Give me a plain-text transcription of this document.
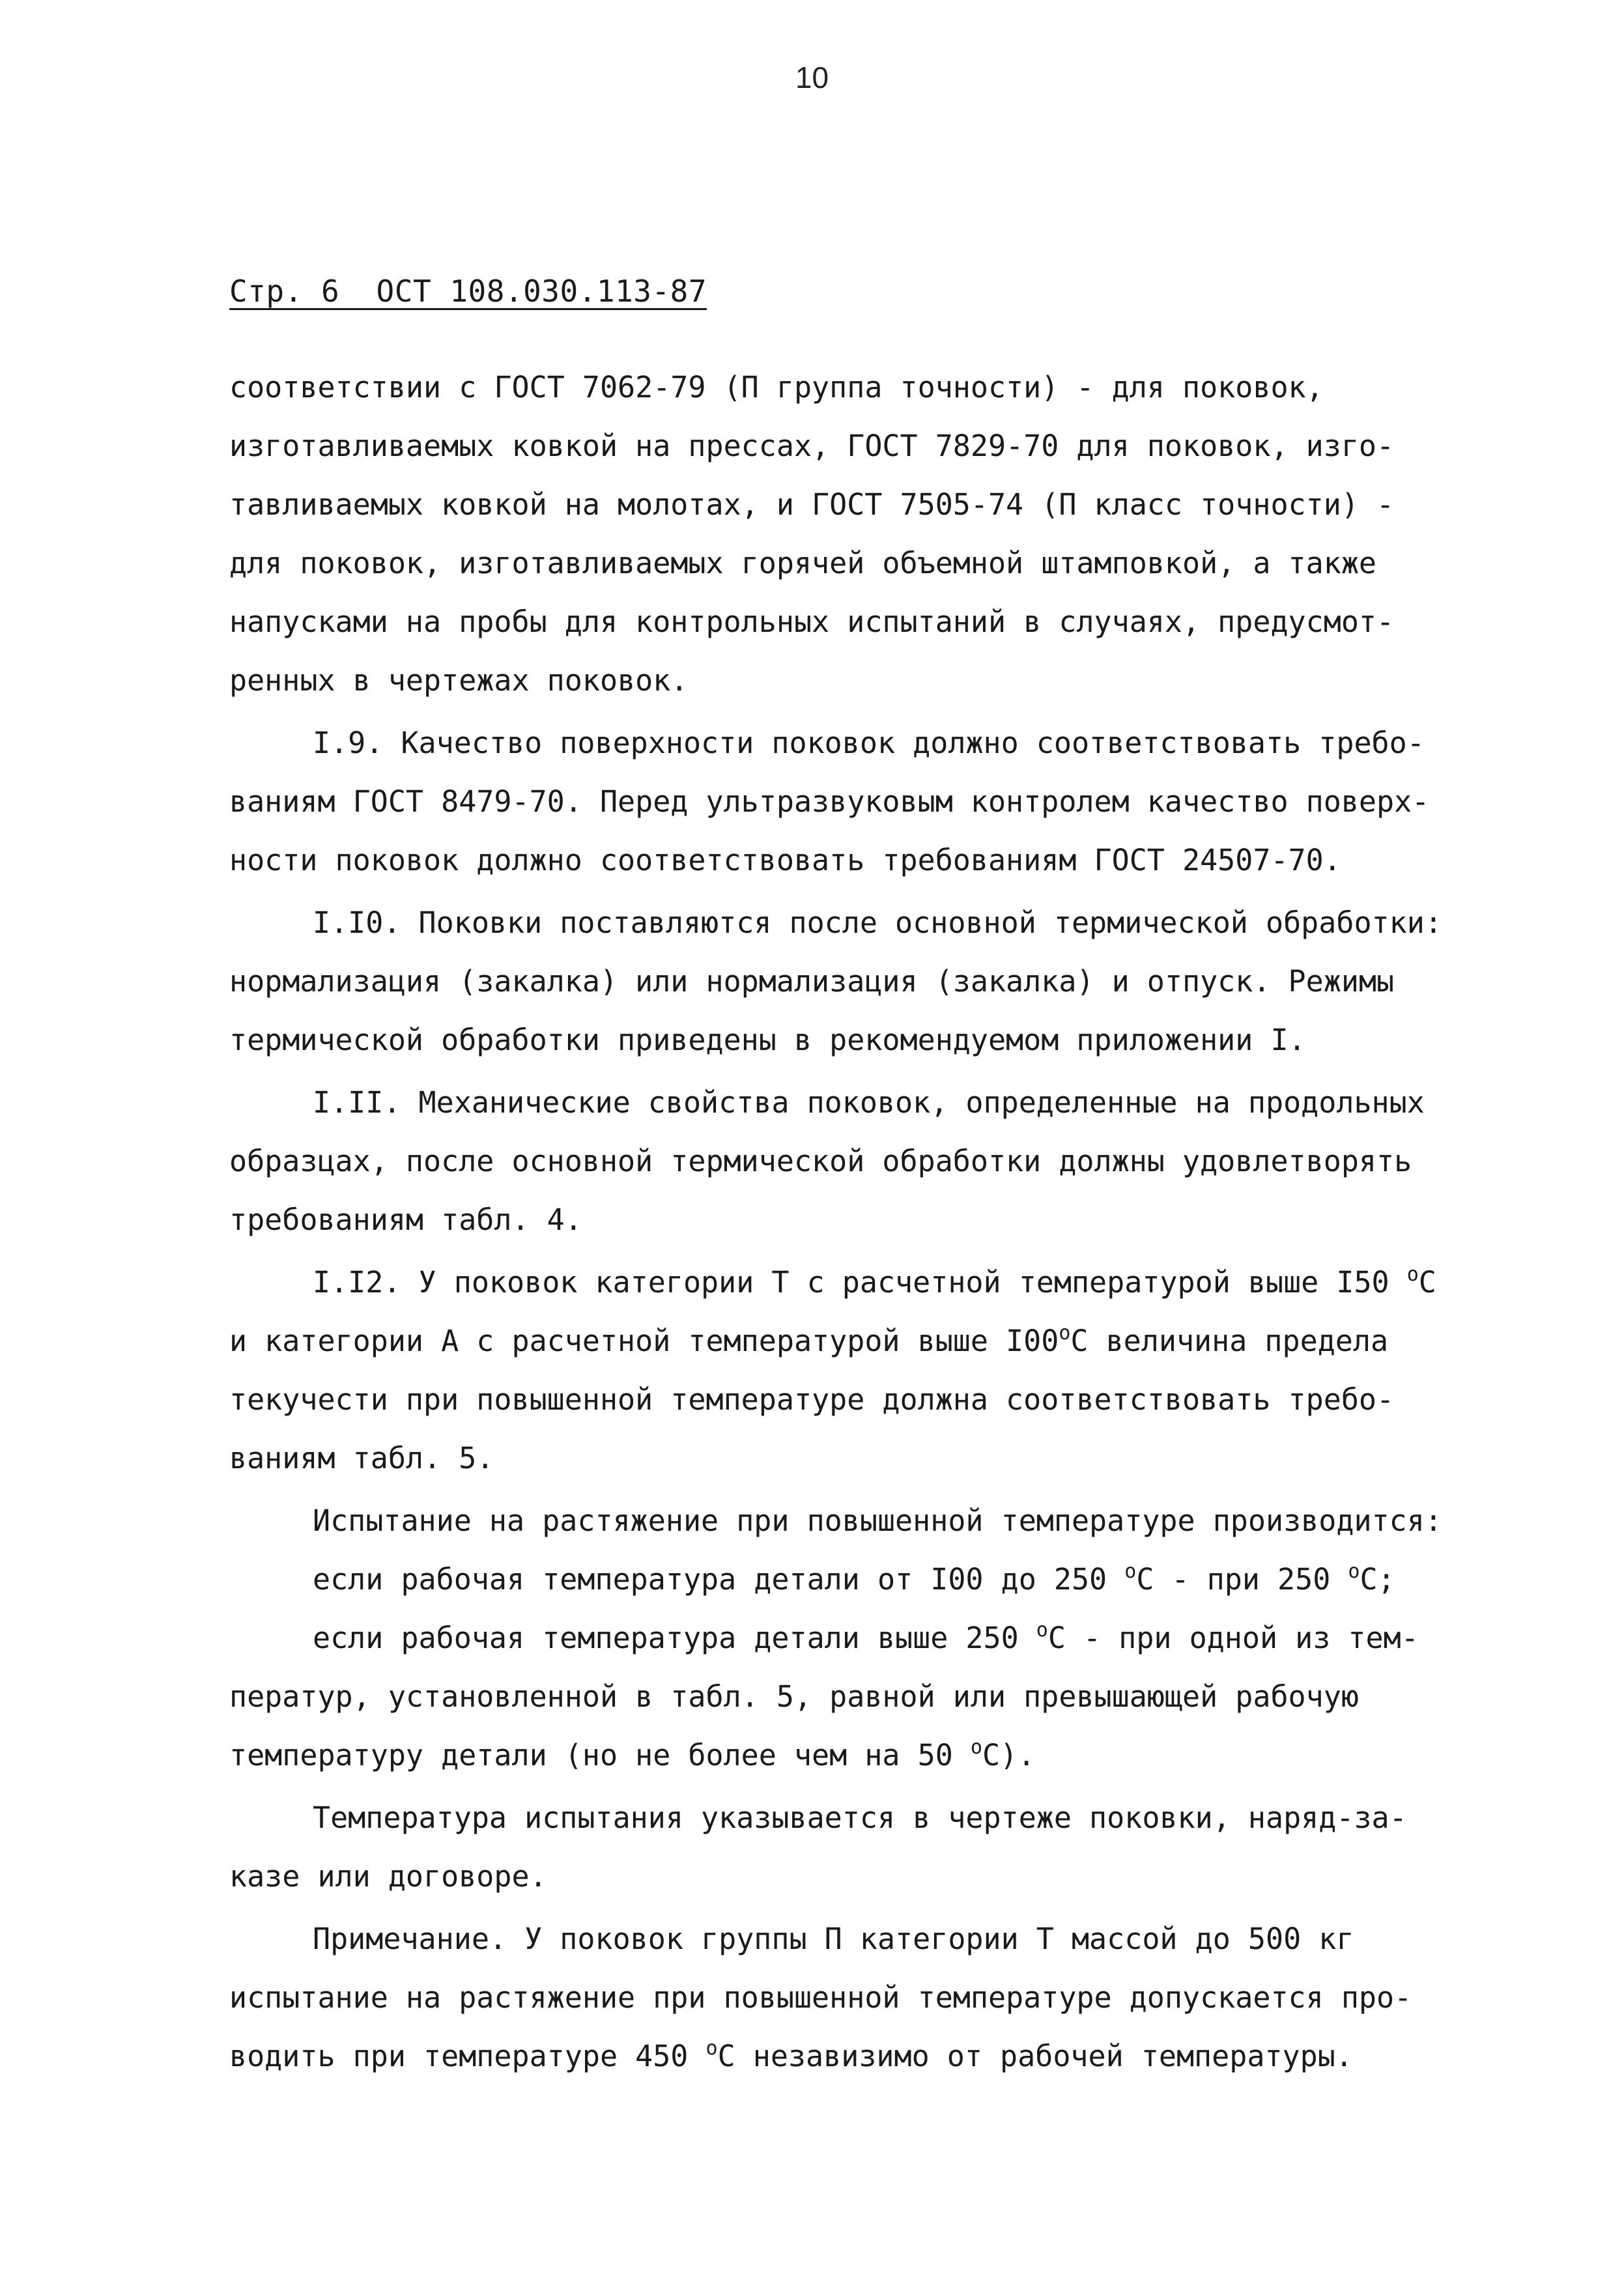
10
Стр. 6  ОСТ 108.030.113-87
соответствии с ГОСТ 7062-79 (П группа точности) - для поковок,
изготавливаемых ковкой на прессах, ГОСТ 7829-70 для поковок, изго-
тавливаемых ковкой на молотах, и ГОСТ 7505-74 (П класс точности) -
для поковок, изготавливаемых горячей объемной штамповкой, а также
напусками на пробы для контрольных испытаний в случаях, предусмот-
ренных в чертежах поковок.
I.9. Качество поверхности поковок должно соответствовать требо-
ваниям ГОСТ 8479-70. Перед ультразвуковым контролем качество поверх-
ности поковок должно соответствовать требованиям ГОСТ 24507-70.
I.I0. Поковки поставляются после основной термической обработки:
нормализация (закалка) или нормализация (закалка) и отпуск. Режимы
термической обработки приведены в рекомендуемом приложении I.
I.II. Механические свойства поковок, определенные на продольных
образцах, после основной термической обработки должны удовлетворять
требованиям табл. 4.
I.I2. У поковок категории Т с расчетной температурой выше I50 $^o$С
и категории А с расчетной температурой выше I00$^o$С величина предела
текучести при повышенной температуре должна соответствовать требо-
ваниям табл. 5.
Испытание на растяжение при повышенной температуре производится:
если рабочая температура детали от I00 до 250 $^o$С - при 250 $^o$С;
если рабочая температура детали выше 250 $^o$С - при одной из тем-
ператур, установленной в табл. 5, равной или превышающей рабочую
температуру детали (но не более чем на 50 $^o$С).
Температура испытания указывается в чертеже поковки, наряд-за-
казе или договоре.
Примечание. У поковок группы П категории Т массой до 500 кг
испытание на растяжение при повышенной температуре допускается про-
водить при температуре 450 $^o$С незавизимо от рабочей температуры.
